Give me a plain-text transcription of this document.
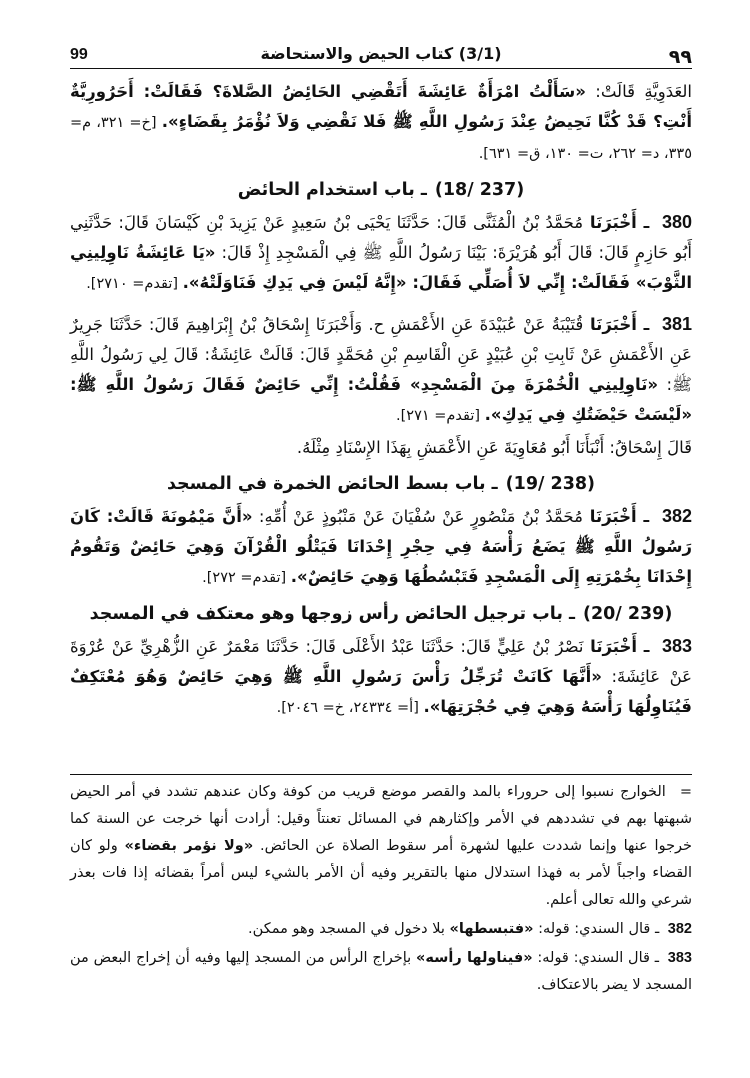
٩٩
(3/1) كتاب الحيض والاستحاضة
99

العَدَوِيَّةِ قَالَتْ: «سَأَلْتُ امْرَأَةٌ عَائِشَةَ أَتَقْضِي الحَائِضُ الصَّلاةَ؟ فَقَالَتْ: أَحَرُورِيَّةٌ أَنْتِ؟ قَدْ كُنَّا نَحِيضُ عِنْدَ رَسُولِ اللَّهِ ﷺ فَلا نَقْضِي وَلاَ نُؤْمَرُ بِقَضَاءٍ». [خ= ٣٢١، م= ٣٣٥، د= ٢٦٢، ت= ١٣٠، ق= ٦٣١].

(237 /18)ـ باب استخدام الحائض

380 ـ أَخْبَرَنَا مُحَمَّدُ بْنُ الْمُثَنَّى قَالَ: حَدَّثَنَا يَحْيَى بْنُ سَعِيدٍ عَنْ يَزِيدَ بْنِ كَيْسَانَ قَالَ: حَدَّثَنِي أَبُو حَازِمٍ قَالَ: قَالَ أَبُو هُرَيْرَةَ: بَيْنَا رَسُولُ اللَّهِ ﷺ فِي الْمَسْجِدِ إِذْ قَالَ: «يَا عَائِشَةُ نَاوِلِينِي الثَّوْبَ» فَقَالَتْ: إِنِّي لاَ أُصَلِّي فَقَالَ: «إِنَّهُ لَيْسَ فِي يَدِكِ فَنَاوَلَتْهُ». [تقدم= ٢٧١٠].

381 ـ أَخْبَرَنَا قُتَيْبَةُ عَنْ عُبَيْدَةَ عَنِ الأَعْمَشِ ح. وَأَخْبَرَنَا إِسْحَاقُ بْنُ إِبْرَاهِيمَ قَالَ: حَدَّثَنَا جَرِيرٌ عَنِ الأَعْمَشِ عَنْ ثَابِتِ بْنِ عُبَيْدٍ عَنِ الْقَاسِمِ بْنِ مُحَمَّدٍ قَالَ: قَالَتْ عَائِشَةُ: قَالَ لِي رَسُولُ اللَّهِ ﷺ: «نَاوِلِينِي الْخُمْرَةَ مِنَ الْمَسْجِدِ» فَقُلْتُ: إِنِّي حَائِضٌ فَقَالَ رَسُولُ اللَّهِ ﷺ: «لَيْسَتْ حَيْضَتُكِ فِي يَدِكِ». [تقدم= ٢٧١].

قَالَ إِسْحَاقُ: أَنْبَأَنَا أَبُو مُعَاوِيَةَ عَنِ الأَعْمَشِ بِهَذَا الإِسْنَادِ مِثْلَهُ.

(238 /19)ـ باب بسط الحائض الخمرة في المسجد

382 ـ أَخْبَرَنَا مُحَمَّدُ بْنُ مَنْصُورٍ عَنْ سُفْيَانَ عَنْ مَنْبُوذٍ عَنْ أُمِّهِ: «أَنَّ مَيْمُونَةَ قَالَتْ: كَانَ رَسُولُ اللَّهِ ﷺ يَضَعُ رَأْسَهُ فِي حِجْرِ إِحْدَانَا فَيَتْلُو الْقُرْآنَ وَهِيَ حَائِضٌ وَتَقُومُ إِحْدَانَا بِخُمْرَتِهِ إِلَى الْمَسْجِدِ فَتَبْسُطُهَا وَهِيَ حَائِضٌ». [تقدم= ٢٧٢].

(239 /20)ـ باب ترجيل الحائض رأس زوجها وهو معتكف في المسجد

383 ـ أَخْبَرَنَا نَصْرُ بْنُ عَلِيٍّ قَالَ: حَدَّثَنَا عَبْدُ الأَعْلَى قَالَ: حَدَّثَنَا مَعْمَرٌ عَنِ الزُّهْرِيِّ عَنْ عُرْوَةَ عَنْ عَائِشَةَ: «أَنَّهَا كَانَتْ تُرَجِّلُ رَأْسَ رَسُولِ اللَّهِ ﷺ وَهِيَ حَائِضٌ وَهُوَ مُعْتَكِفٌ فَيُنَاوِلُهَا رَأْسَهُ وَهِيَ فِي حُجْرَتِهَا». [أ= ٢٤٣٣٤، خ= ٢٠٤٦].

=الخوارج نسبوا إلى حروراء بالمد والقصر موضع قريب من كوفة وكان عندهم تشدد في أمر الحيض شبهتها بهم في تشددهم في الأمر وإكثارهم في المسائل تعنتاً وقيل: أرادت أنها خرجت عن السنة كما خرجوا عنها وإنما شددت عليها لشهرة أمر سقوط الصلاة عن الحائض. «ولا نؤمر بقضاء» ولو كان القضاء واجباً لأمر به فهذا استدلال منها بالتقرير وفيه أن الأمر بالشيء ليس أمراً بقضائه إذا فات بعذر شرعي والله تعالى أعلم.

382 ـ قال السندي: قوله: «فتبسطها» بلا دخول في المسجد وهو ممكن.

383 ـ قال السندي: قوله: «فيناولها رأسه» بإخراج الرأس من المسجد إليها وفيه أن إخراج البعض من المسجد لا يضر بالاعتكاف.
